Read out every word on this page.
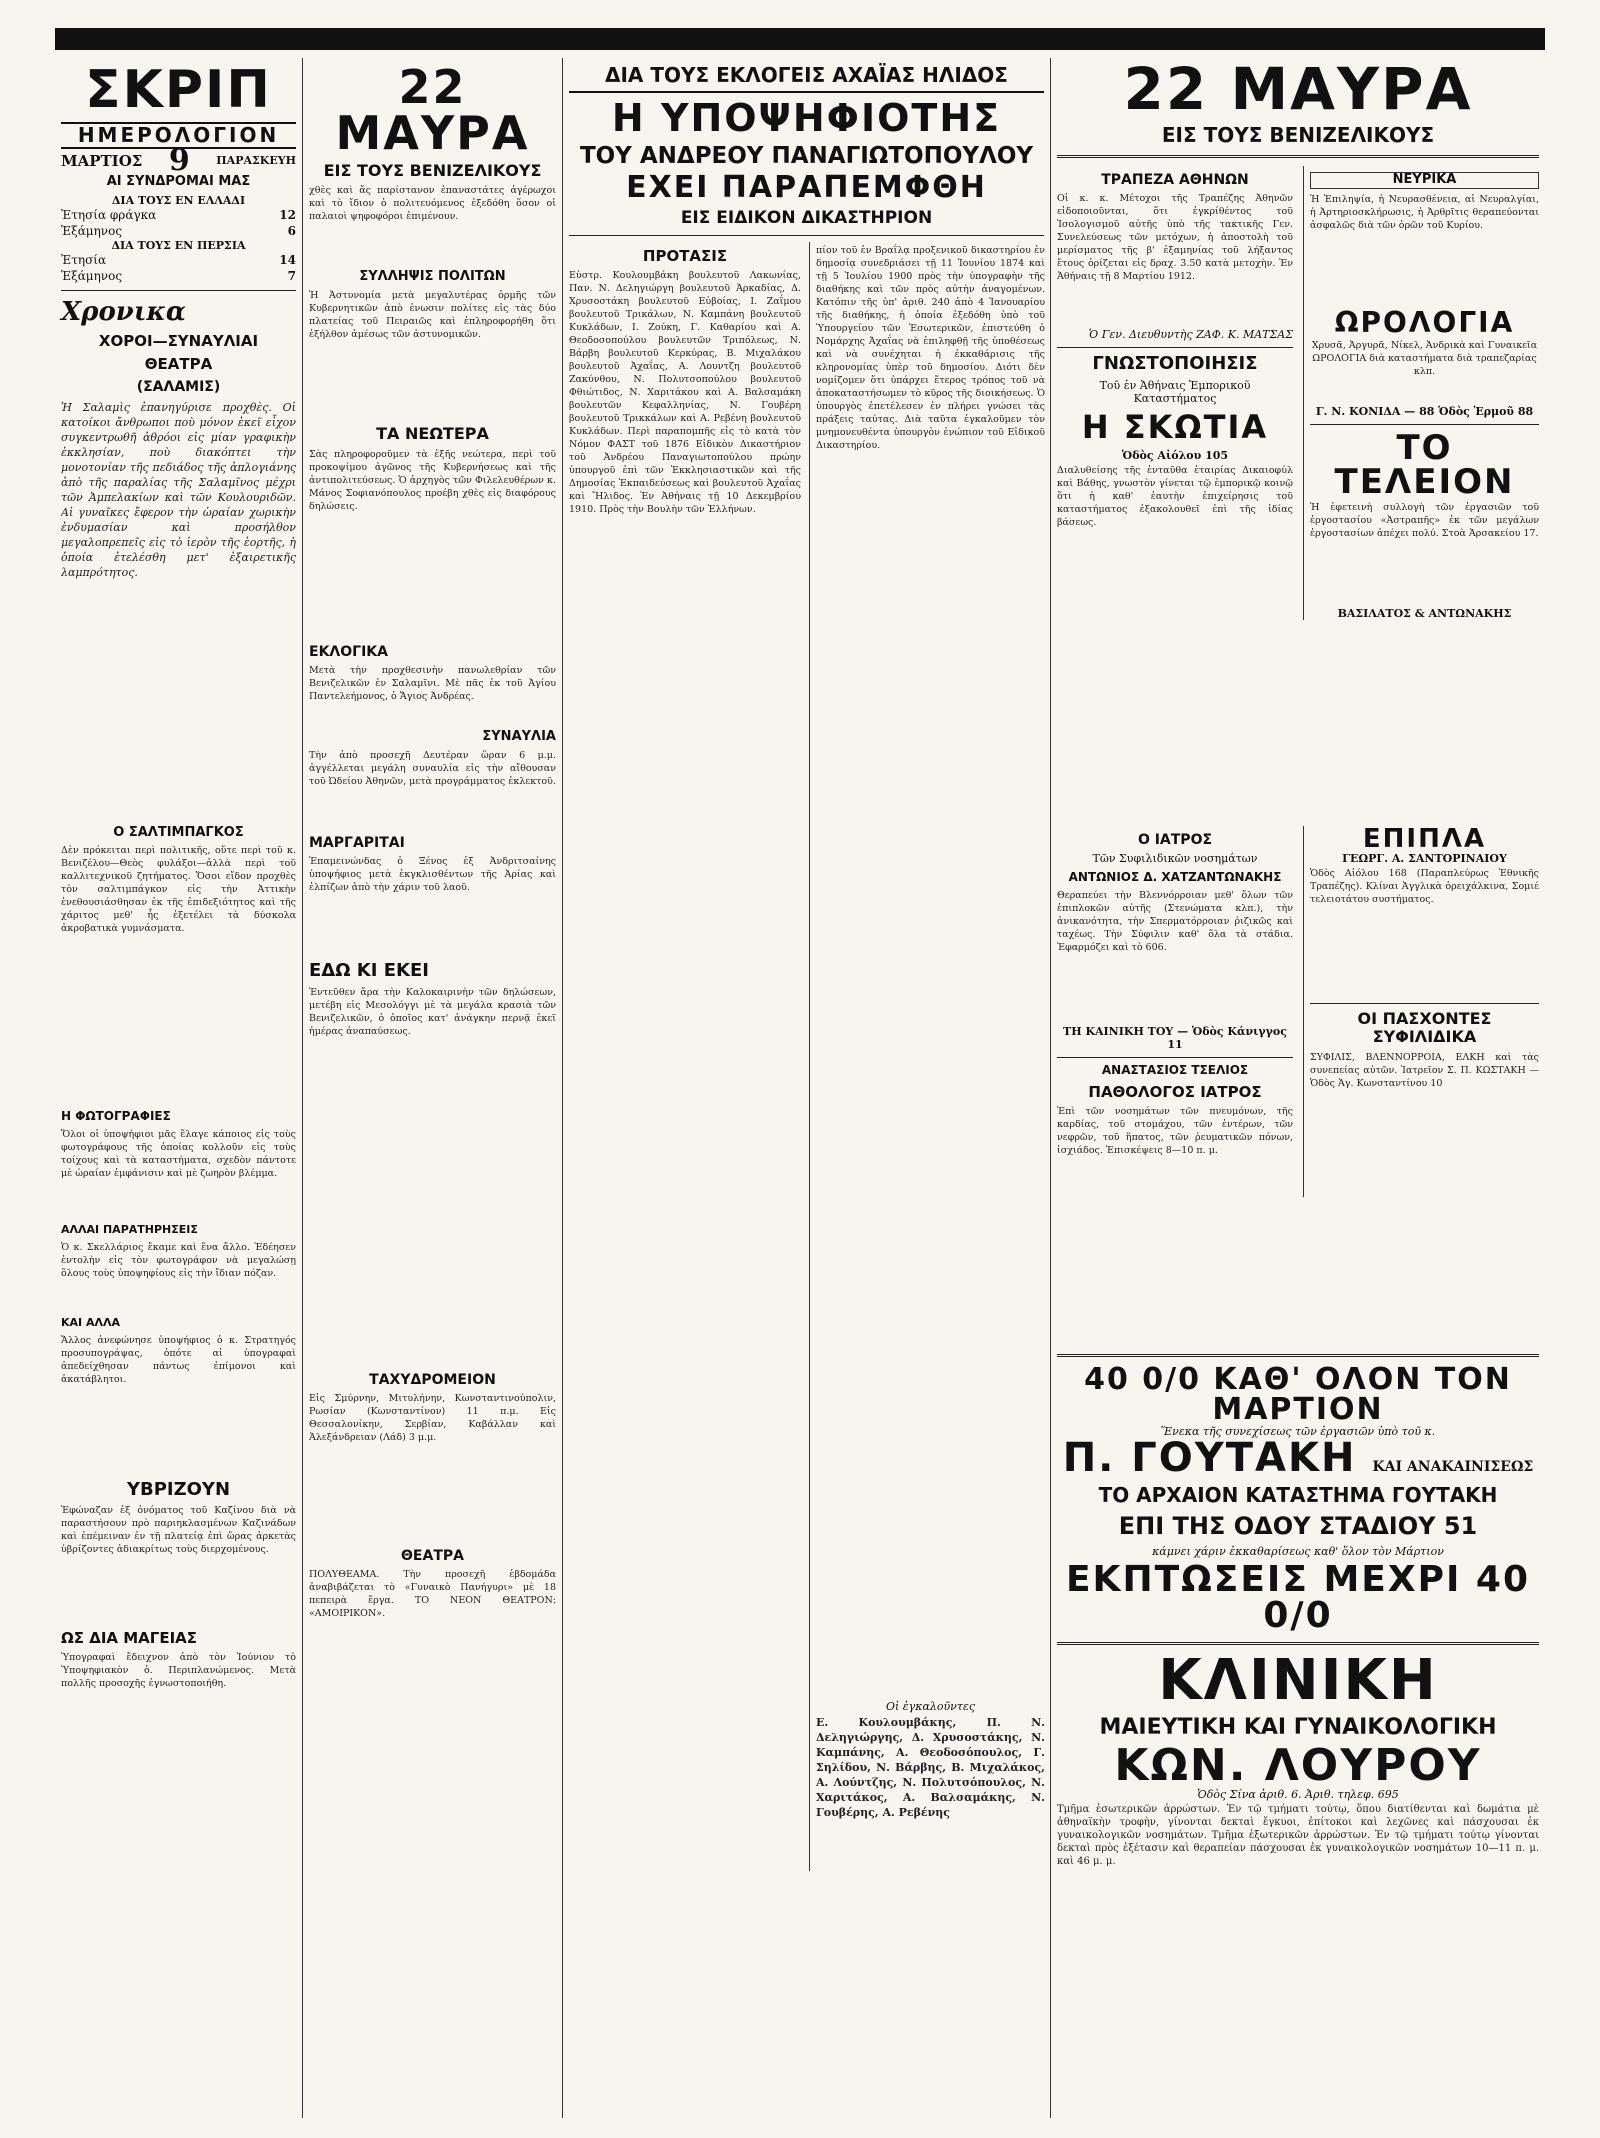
ΣΚΡΙΠ
ΗΜΕΡΟΛΟΓΙΟΝ
ΜΑΡΤΙΟΣ 9 ΠΑΡΑΣΚΕΥΗ
ΑΙ ΣΥΝΔΡΟΜΑΙ ΜΑΣ
ΔΙΑ ΤΟΥΣ ΕΝ ΕΛΛΑΔΙ
Ἐτησία φράγκα	12
Ἑξάμηνος	6
ΔΙΑ ΤΟΥΣ ΕΝ ΠΕΡΣΙΑ
Ἐτησία	14
Ἑξάμηνος	7
Χρονικα
ΧΟΡΟΙ—ΣΥΝΑΥΛΙΑΙ
ΘΕΑΤΡΑ
(ΣΑΛΑΜΙΣ)
Ἡ Σαλαμὶς ἐπανηγύρισε προχθὲς. Οἱ κατοίκοι ἄνθρωποι ποὺ μόνον ἐκεῖ εἶχον συγκεντρωθῆ ἀθρόοι εἰς μίαν γραφικὴν ἐκκλησίαν, ποὺ διακόπτει τὴν μονοτονίαν τῆς πεδιάδος τῆς ἀπλογιάνης ἀπὸ τῆς παραλίας τῆς Σαλαμῖνος μέχρι τῶν Ἀμπελακίων καὶ τῶν Κουλουριδῶν. Αἱ γυναῖκες ἔφερον τὴν ὡραίαν χωρικὴν ἐνδυμασίαν καὶ προσήλθον μεγαλοπρεπεῖς εἰς τὸ ἱερὸν τῆς ἑορτῆς, ἡ ὁποία ἐτελέσθη μετ' ἐξαιρετικῆς λαμπρότητος.
Ο ΣΑΛΤΙΜΠΑΓΚΟΣ
Δὲν πρόκειται περὶ πολιτικῆς, οὔτε περὶ τοῦ κ. Βενιζέλου—Θεὸς φυλάξοι—ἀλλὰ περὶ τοῦ καλλιτεχνικοῦ ζητήματος. Ὅσοι εἴδον προχθὲς τὸν σαλτιμπάγκον εἰς τὴν Ἀττικὴν ἐνεθουσιάσθησαν ἐκ τῆς ἐπιδεξιότητος καὶ τῆς χάριτος μεθ' ἧς ἐξετέλει τὰ δύσκολα ἀκροβατικὰ γυμνάσματα.
Η ΦΩΤΟΓΡΑΦΙΕΣ
Ὅλοι οἱ ὑποψήφιοι μᾶς ἔλαγε κάποιος εἰς τοὺς φωτογράφους τῆς ὁποίας κολλοῦν εἰς τοὺς τοίχους καὶ τὰ καταστήματα, σχεδὸν πάντοτε μὲ ὡραίαν ἐμφάνισιν καὶ μὲ ζωηρὸν βλέμμα.
ΑΛΛΑΙ ΠΑΡΑΤΗΡΗΣΕΙΣ
Ὁ κ. Σκελλάριος ἔκαμε καὶ ἕνα ἄλλο. Ἐδέησεν ἐντολὴν εἰς τὸν φωτογράφον νὰ μεγαλώσῃ ὅλους τοὺς ὑποψηφίους εἰς τὴν ἴδιαν πόζαν.
ΚΑΙ ΑΛΛΑ
Ἄλλος ἀνεφώνησε ὑποψήφιος ὁ κ. Στρατηγός προσυπογράψας, ὁπότε αἱ ὑπογραφαὶ ἀπεδείχθησαν πάντως ἐπίμονοι καὶ ἀκατάβλητοι.
ΥΒΡΙΖΟΥΝ
Ἐφώναζαν ἐξ ὀνόματος τοῦ Καζίνου διὰ νὰ παραστήσουν πρὸ παριηκλασμένων Καζινάδων καὶ ἐπέμειναν ἐν τῇ πλατείᾳ ἐπὶ ὥρας ἀρκετὰς ὑβρίζοντες ἀδιακρίτως τοὺς διερχομένους.
ΩΣ ΔΙΑ ΜΑΓΕΙΑΣ
Ὑπογραφαὶ ἔδειχνον ἀπὸ τὸν Ἰούνιον τὸ Ὑποψηφιακὸν ὁ. Περιπλανώμενος. Μετὰ πολλῆς προσοχῆς ἐγνωστοποιήθη.
22 ΜΑΥΡΑ
ΕΙΣ ΤΟΥΣ ΒΕΝΙΖΕΛΙΚΟΥΣ
χθὲς καὶ ἄς παρίστανον ἐπαναστάτες ἀγέρωχοι καὶ τὸ ἴδιον ὁ πολιτευόμενος ἐξεδόθη ὅσον οἱ παλαιοὶ ψηφοφόροι ἐπιμένουν.
ΣΥΛΛΗΨΙΣ ΠΟΛΙΤΩΝ
Ἡ Ἀστυνομία μετὰ μεγαλυτέρας ὁρμῆς τῶν Κυβερνητικῶν ἀπὸ ἑνωσιν πολίτες εἰς τὰς δύο πλατείας τοῦ Πειραιῶς καὶ ἐπληροφορήθη ὅτι ἐξήλθον ἀμέσως τῶν ἀστυνομικῶν.
ΤΑ ΝΕΩΤΕΡΑ
Σὰς πληροφοροῦμεν τὰ ἐξῆς νεώτερα, περὶ τοῦ προκοψίμου ἀγῶνος τῆς Κυβερνήσεως καὶ τῆς ἀντιπολιτεύσεως. Ὁ ἀρχηγὸς τῶν Φιλελευθέρων κ. Μάνος Σοφιανόπουλος προέβη χθὲς εἰς διαφόρους δηλώσεις.
ΕΚΛΟΓΙΚΑ
Μετὰ τὴν προχθεσινὴν πανωλεθρίαν τῶν Βενιζελικῶν ἐν Σαλαμῖνι. Μὲ πᾶς ἐκ τοῦ Ἀγίου Παντελεήμονος, ὁ Ἄγιος Ἀνδρέας.
ΣΥΝΑΥΛΙΑ
Τὴν ἀπὸ προσεχῆ Δευτέραν ὥραν 6 μ.μ. ἀγγέλλεται μεγάλη συναυλία εἰς τὴν αἴθουσαν τοῦ Ὠδείου Ἀθηνῶν, μετὰ προγράμματος ἐκλεκτοῦ.
ΜΑΡΓΑΡΙΤΑΙ
Ἐπαμεινώνδας ὁ Ξένος ἐξ Ἀνδριτσαίνης ὑποψήφιος μετὰ ἐκγκλισθέντων τῆς Ἀρίας καὶ ἐλπίζων ἀπὸ τὴν χάριν τοῦ λαοῦ.
ΕΔΩ ΚΙ ΕΚΕΙ
Ἐντεῦθεν ἄρα τὴν Καλοκαιρινὴν τῶν δηλώσεων, μετέβη εἰς Μεσολόγγι μὲ τὰ μεγάλα κρασιὰ τῶν Βενιζελικῶν, ὁ ὁποῖος κατ' ἀνάγκην περνᾷ ἐκεῖ ἡμέρας ἀναπαύσεως.
ΤΑΧΥΔΡΟΜΕΙΟΝ
Εἰς Σμύρνην, Μιτυλήνην, Κωνσταντινούπολιν, Ρωσίαν (Κωνσταντίνον) 11 π.μ. Εἰς Θεσσαλονίκην, Σερβίαν, Καβάλλαν καὶ Ἀλεξάνδρειαν (Λάδ) 3 μ.μ.
ΘΕΑΤΡΑ
ΠΟΛΥΘΕΑΜΑ. Τὴν προσεχῆ ἑβδομάδα ἀναβιβάζεται τὸ «Γυναικὸ Πανήγυρι» μὲ 18 πεπειρὰ ἔργα. ΤΟ ΝΕΟΝ ΘΕΑΤΡΟΝ: «ΑΜΟΙΡΙΚΟΝ».
ΔΙΑ ΤΟΥΣ ΕΚΛΟΓΕΙΣ ΑΧΑΪΑΣ ΗΛΙΔΟΣ
Η ΥΠΟΨΗΦΙΟΤΗΣ
ΤΟΥ ΑΝΔΡΕΟΥ ΠΑΝΑΓΙΩΤΟΠΟΥΛΟΥ
ΕΧΕΙ ΠΑΡΑΠΕΜΦΘΗ
ΕΙΣ ΕΙΔΙΚΟΝ ΔΙΚΑΣΤΗΡΙΟΝ
ΠΡΟΤΑΣΙΣ
Εὐστρ. Κουλουμβάκη βουλευτοῦ Λακωνίας, Παν. Ν. Δεληγιώργη βουλευτοῦ Ἀρκαδίας, Δ. Χρυσοστάκη βουλευτοῦ Εὐβοίας, Ι. Ζαΐμου βουλευτοῦ Τρικάλων, Ν. Καμπάνη βουλευτοῦ Κυκλάδων, Ι. Ζούκη, Γ. Καθαρίου καὶ Α. Θεοδοσοπούλου βουλευτῶν Τριπόλεως, Ν. Βάρβη βουλευτοῦ Κερκύρας, Β. Μιχαλάκου βουλευτοῦ Ἀχαΐας, Α. Λουντζη βουλευτοῦ Ζακύνθου, Ν. Πολυτσοπούλου βουλευτοῦ Φθιώτιδος, Ν. Χαριτάκου καὶ Α. Βαλσαμάκη βουλευτῶν Κεφαλληνίας, Ν. Γουβέρη βουλευτοῦ Τρικκάλων καὶ Α. Ρεβένη βουλευτοῦ Κυκλάδων. Περὶ παραπομπῆς εἰς τὸ κατὰ τὸν Νόμον ΦΑΣΤ τοῦ 1876 Εἰδικὸν Δικαστήριον τοῦ Ἀνδρέου Παναγιωτοπούλου πρώην ὑπουργοῦ ἐπὶ τῶν Ἐκκλησιαστικῶν καὶ τῆς Δημοσίας Ἐκπαιδεύσεως καὶ βουλευτοῦ Ἀχαΐας καὶ Ἤλιδος. Ἐν Ἀθήναις τῇ 10 Δεκεμβρίου 1910. Πρὸς τὴν Βουλὴν τῶν Ἑλλήνων.
πίον τοῦ ἐν Βραΐλᾳ προξενικοῦ δικαστηρίου ἐν δημοσίᾳ συνεδριάσει τῇ 11 Ἰουνίου 1874 καὶ τῇ 5 Ἰουλίου 1900 πρὸς τὴν ὑπογραφὴν τῆς διαθήκης καὶ τῶν πρὸς αὐτὴν ἀναγομένων. Κατόπιν τῆς ὑπ' ἀριθ. 240 ἀπὸ 4 Ἰανουαρίου τῆς διαθήκης, ἡ ὁποία ἐξεδόθη ὑπὸ τοῦ Ὑπουργείου τῶν Ἐσωτερικῶν, ἐπιστεύθη ὁ Νομάρχης Ἀχαΐας νὰ ἐπιληφθῇ τῆς ὑποθέσεως καὶ νὰ συνέχηται ἡ ἐκκαθάρισις τῆς κληρονομίας ὑπὲρ τοῦ δημοσίου. Διότι δὲν νομίζομεν ὅτι ὑπάρχει ἕτερος τρόπος τοῦ νὰ ἀποκαταστήσωμεν τὸ κῦρος τῆς διοικήσεως. Ὁ ὑπουργὸς ἐπετέλεσεν ἐν πλήρει γνώσει τὰς πράξεις ταύτας. Διὰ ταῦτα ἐγκαλοῦμεν τὸν μνημονευθέντα ὑπουργὸν ἐνώπιον τοῦ Εἰδικοῦ Δικαστηρίου.
Οἱ ἐγκαλοῦντες
Ε. Κουλουμβάκης, Π. Ν. Δεληγιώργης, Δ. Χρυσοστάκης, Ν. Καμπάνης, Α. Θεοδοσόπουλος, Γ. Σηλίδου, Ν. Βάρβης, Β. Μιχαλάκος, Α. Λούντζης, Ν. Πολυτσόπουλος, Ν. Χαριτάκος, Α. Βαλσαμάκης, Ν. Γουβέρης, Α. Ρεβένης
22 ΜΑΥΡΑ
ΕΙΣ ΤΟΥΣ ΒΕΝΙΖΕΛΙΚΟΥΣ
ΤΡΑΠΕΖΑ ΑΘΗΝΩΝ
Οἱ κ. κ. Μέτοχοι τῆς Τραπέζης Ἀθηνῶν εἰδοποιοῦνται, ὅτι ἐγκρίθέντος τοῦ Ἰσολογισμοῦ αὐτῆς ὑπὸ τῆς τακτικῆς Γεν. Συνελεύσεως τῶν μετόχων, ἡ ἀποστολὴ τοῦ μερίσματος τῆς β' ἑξαμηνίας τοῦ λήξαντος ἔτους ὁρίζεται εἰς δραχ. 3.50 κατὰ μετοχὴν. Ἐν Ἀθήναις τῇ 8 Μαρτίου 1912.
Ὁ Γεν. Διευθυντὴς ΖΑΦ. Κ. ΜΑΤΣΑΣ
ΓΝΩΣΤΟΠΟΙΗΣΙΣ
Τοῦ ἐν Ἀθήναις Ἐμπορικοῦ Καταστήματος
Η ΣΚΩΤΙΑ
Ὁδὸς Αἰόλου 105
Διαλυθείσης τῆς ἐνταῦθα ἑταιρίας Δικαιοφύλ καὶ Βάθης, γνωστὸν γίνεται τῷ ἐμπορικῷ κοινῷ ὅτι ἡ καθ' ἑαυτὴν ἐπιχείρησις τοῦ καταστήματος ἐξακολουθεῖ ἐπὶ τῆς ἰδίας βάσεως.
ΝΕΥΡΙΚΑ
Ἡ Ἐπιληψία, ἡ Νευρασθένεια, αἱ Νευραλγίαι, ἡ Ἀρτηριοσκλήρωσις, ἡ Ἀρθρῖτις θεραπεύονται ἀσφαλῶς διὰ τῶν ὀρῶν τοῦ Κυρίου.
ΩΡΟΛΟΓΙΑ
Χρυσᾶ, Ἀργυρᾶ, Νίκελ, Ἀνδρικὰ καὶ Γυναικεῖα ΩΡΟΛΟΓΙΑ διὰ καταστήματα διὰ τραπεζαρίας κλπ.
Γ. Ν. ΚΟΝΙΔΑ — 88 Ὁδὸς Ἑρμοῦ 88
ΤΟ ΤΕΛΕΙΟΝ
Ἡ ἐφετεινὴ συλλογὴ τῶν ἐργασιῶν τοῦ ἐργοστασίου «Ἀστραπῆς» ἐκ τῶν μεγάλων ἐργοστασίων ἀπέχει πολύ. Στοὰ Ἀρσακείου 17.
ΒΑΣΙΛΑΤΟΣ & ΑΝΤΩΝΑΚΗΣ
Ο ΙΑΤΡΟΣ
Τῶν Συφιλιδικῶν νοσημάτων
ΑΝΤΩΝΙΟΣ Δ. ΧΑΤΖΑΝΤΩΝΑΚΗΣ
Θεραπεύει τὴν Βλεννόρροιαν μεθ' ὅλων τῶν ἐπιπλοκῶν αὐτῆς (Στενώματα κλπ.), τὴν ἀνικανότητα, τὴν Σπερματόρροιαν ῥιζικῶς καὶ ταχέως. Τὴν Σύφιλιν καθ' ὅλα τὰ στάδια. Ἐφαρμόζει καὶ τὸ 606.
ΤΗ ΚΑΙΝΙΚΗ ΤΟΥ — Ὁδὸς Κάνιγγος 11
ΑΝΑΣΤΑΣΙΟΣ ΤΣΕΛΙΟΣ
ΠΑΘΟΛΟΓΟΣ ΙΑΤΡΟΣ
Ἐπὶ τῶν νοσημάτων τῶν πνευμόνων, τῆς καρδίας, τοῦ στομάχου, τῶν ἐντέρων, τῶν νεφρῶν, τοῦ ἥπατος, τῶν ῥευματικῶν πόνων, ἰσχιάδος. Ἐπισκέψεις 8—10 π. μ.
ΕΠΙΠΛΑ
ΓΕΩΡΓ. Α. ΣΑΝΤΟΡΙΝΑΙΟΥ
Ὁδὸς Αἰόλου 168 (Παραπλεύρως Ἐθνικῆς Τραπέζης). Κλίναι Ἀγγλικὰ ὁρειχάλκινα, Σομιέ τελειοτάτου συστήματος.
ΟΙ ΠΑΣΧΟΝΤΕΣ ΣΥΦΙΛΙΔΙΚΑ
ΣΥΦΙΛΙΣ, ΒΛΕΝΝΟΡΡΟΙΑ, ΕΛΚΗ καὶ τὰς συνεπείας αὐτῶν. Ἰατρεῖον Σ. Π. ΚΩΣΤΑΚΗ — Ὁδὸς Ἁγ. Κωνσταντίνου 10
40 0/0 ΚΑΘ' ΟΛΟΝ ΤΟΝ ΜΑΡΤΙΟΝ
Ἕνεκα τῆς συνεχίσεως τῶν ἐργασιῶν ὑπὸ τοῦ κ.
Π. ΓΟΥΤΑΚΗ ΚΑΙ ΑΝΑΚΑΙΝΙΣΕΩΣ
ΤΟ ΑΡΧΑΙΟΝ ΚΑΤΑΣΤΗΜΑ ΓΟΥΤΑΚΗ
ΕΠΙ ΤΗΣ ΟΔΟΥ ΣΤΑΔΙΟΥ 51
κάμνει χάριν ἐκκαθαρίσεως καθ' ὅλον τὸν Μάρτιον
ΕΚΠΤΩΣΕΙΣ ΜΕΧΡΙ 40 0/0
ΚΛΙΝΙΚΗ
ΜΑΙΕΥΤΙΚΗ ΚΑΙ ΓΥΝΑΙΚΟΛΟΓΙΚΗ
ΚΩΝ. ΛΟΥΡΟΥ
Ὁδὸς Σίνα ἀριθ. 6. Ἀριθ. τηλεφ. 695
Τμῆμα ἐσωτερικῶν ἀρρώστων. Ἐν τῷ τμήματι τούτῳ, ὅπου διατίθενται καὶ δωμάτια μὲ ἀθηναϊκὴν τροφὴν, γίνονται δεκταὶ ἔγκυοι, ἐπίτοκοι καὶ λεχῶνες καὶ πάσχουσαι ἐκ γυναικολογικῶν νοσημάτων. Τμῆμα ἐξωτερικῶν ἀρρώστων. Ἐν τῷ τμήματι τούτῳ γίνονται δεκταὶ πρὸς ἐξέτασιν καὶ θεραπείαν πάσχουσαι ἐκ γυναικολογικῶν νοσημάτων 10—11 π. μ. καὶ 46 μ. μ.
